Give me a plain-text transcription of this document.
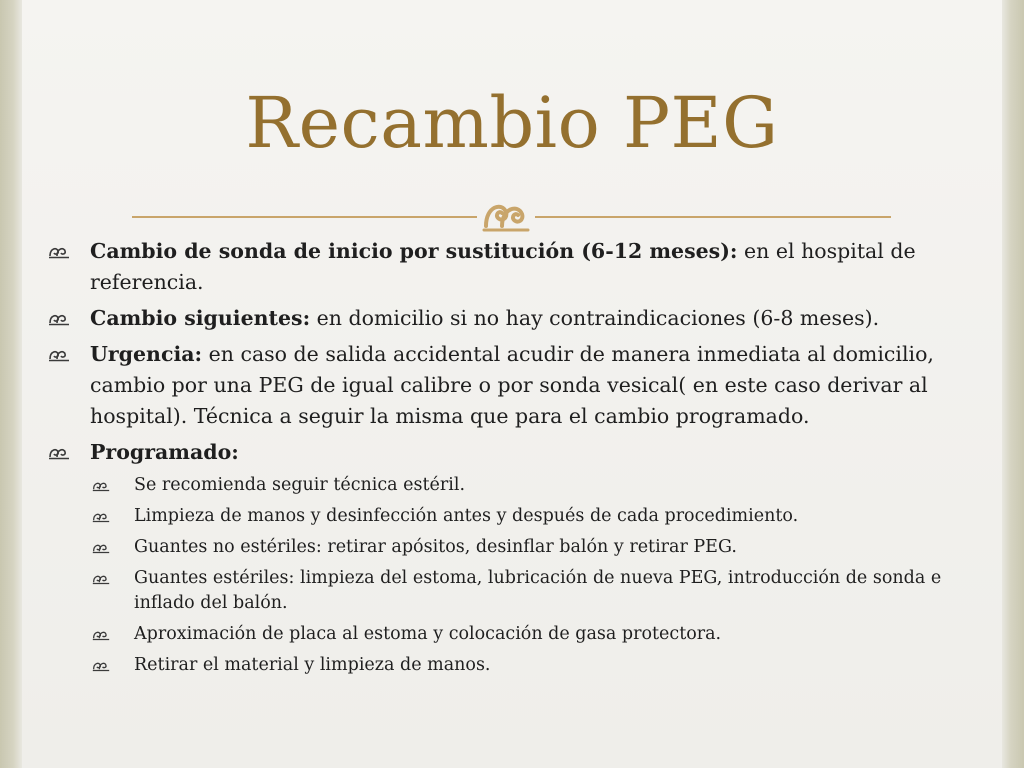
Recambio PEG
Cambio de sonda de inicio por sustitución (6-12 meses): en el hospital de referencia.
Cambio siguientes: en domicilio si no hay contraindicaciones (6-8 meses).
Urgencia: en caso de salida accidental acudir de manera inmediata al domicilio, cambio por una PEG de igual calibre o por sonda vesical( en este caso derivar al hospital). Técnica a seguir la misma que para el cambio programado.
Programado:
Se recomienda seguir técnica estéril.
Limpieza de manos y desinfección antes y después de cada procedimiento.
Guantes no estériles: retirar apósitos, desinflar balón y retirar PEG.
Guantes estériles: limpieza del estoma, lubricación de nueva PEG, introducción de sonda e inflado del balón.
Aproximación de placa al estoma y colocación de gasa protectora.
Retirar el material y limpieza de manos.
